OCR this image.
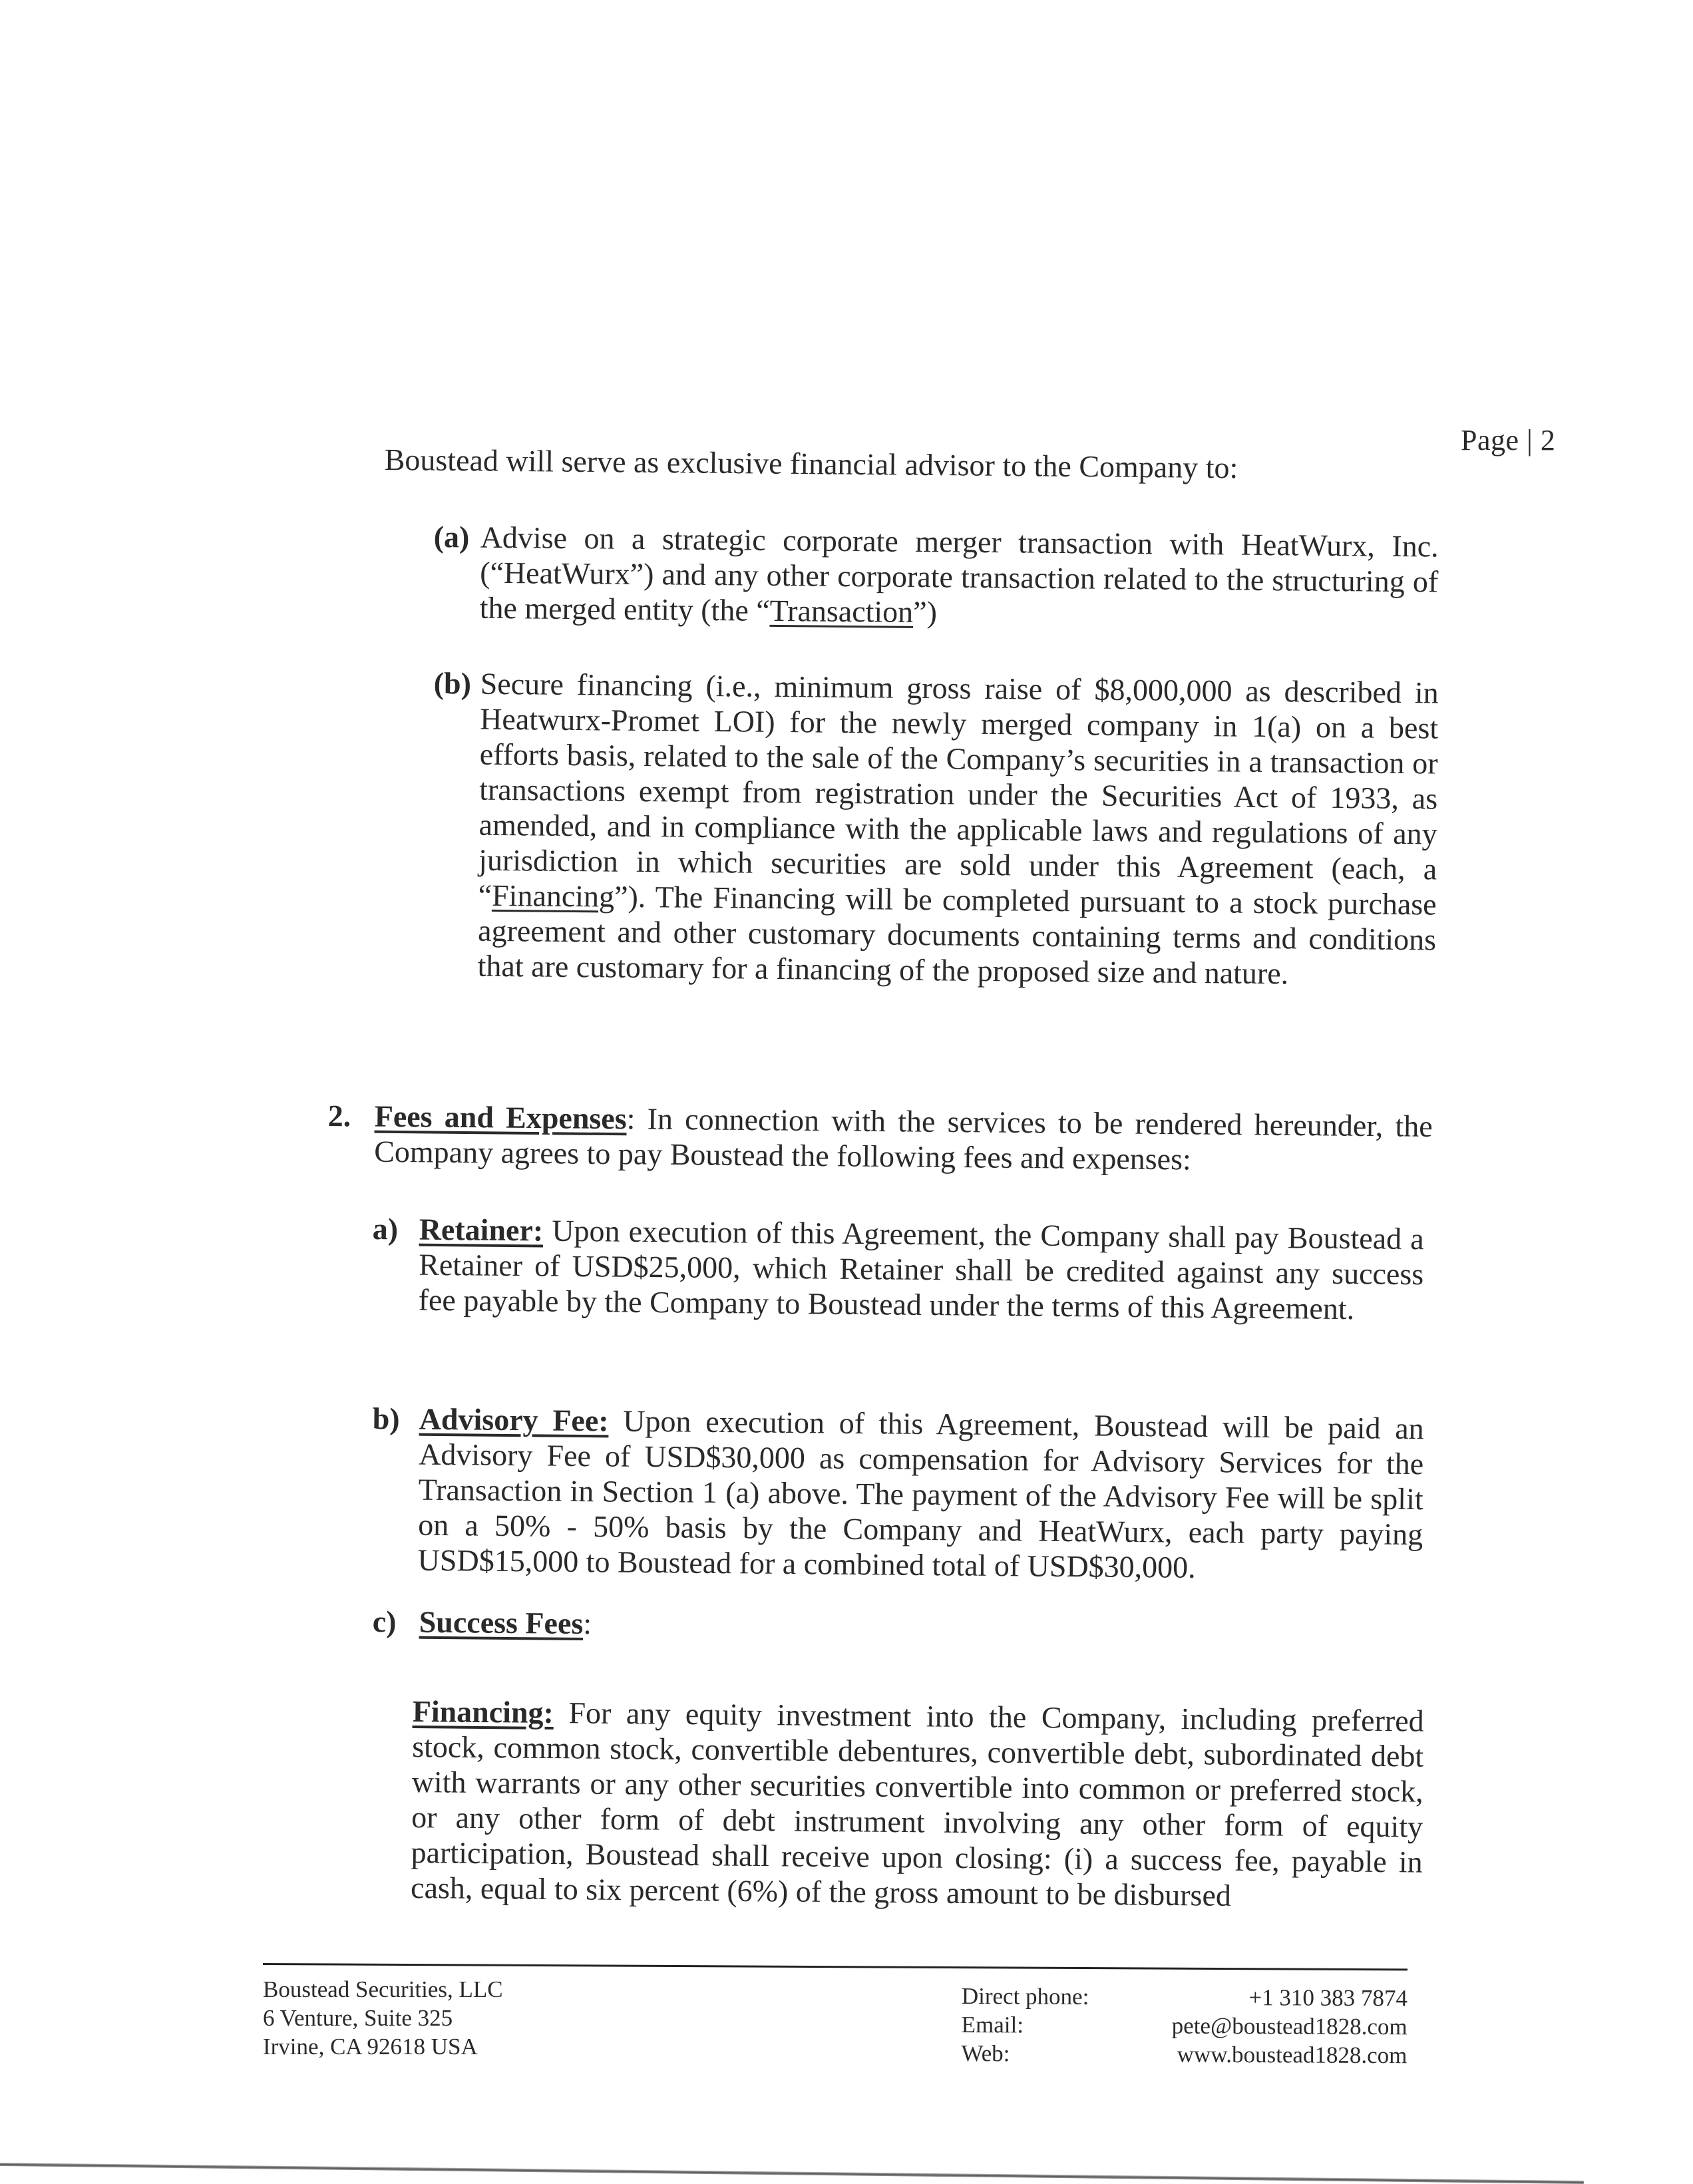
Page | 2
Boustead will serve as exclusive financial advisor to the Company to:
(a) Advise on a strategic corporate merger transaction with HeatWurx, Inc. (“HeatWurx”) and any other corporate transaction related to the structuring of the merged entity (the “Transaction”)
(b) Secure financing (i.e., minimum gross raise of $8,000,000 as described in Heatwurx-Promet LOI) for the newly merged company in 1(a) on a best efforts basis, related to the sale of the Company’s securities in a transaction or transactions exempt from registration under the Securities Act of 1933, as amended, and in compliance with the applicable laws and regulations of any jurisdiction in which securities are sold under this Agreement (each, a “Financing”). The Financing will be completed pursuant to a stock purchase agreement and other customary documents containing terms and conditions that are customary for a financing of the proposed size and nature.
2. Fees and Expenses: In connection with the services to be rendered hereunder, the Company agrees to pay Boustead the following fees and expenses:
a) Retainer: Upon execution of this Agreement, the Company shall pay Boustead a Retainer of USD$25,000, which Retainer shall be credited against any success fee payable by the Company to Boustead under the terms of this Agreement.
b) Advisory Fee: Upon execution of this Agreement, Boustead will be paid an Advisory Fee of USD$30,000 as compensation for Advisory Services for the Transaction in Section 1 (a) above. The payment of the Advisory Fee will be split on a 50% - 50% basis by the Company and HeatWurx, each party paying USD$15,000 to Boustead for a combined total of USD$30,000.
c) Success Fees:
Financing: For any equity investment into the Company, including preferred stock, common stock, convertible debentures, convertible debt, subordinated debt with warrants or any other securities convertible into common or preferred stock, or any other form of debt instrument involving any other form of equity participation, Boustead shall receive upon closing: (i) a success fee, payable in cash, equal to six percent (6%) of the gross amount to be disbursed
Boustead Securities, LLC
6 Venture, Suite 325
Irvine, CA 92618 USA
Direct phone:	+1 310 383 7874
Email:	pete@boustead1828.com
Web:	www.boustead1828.com
